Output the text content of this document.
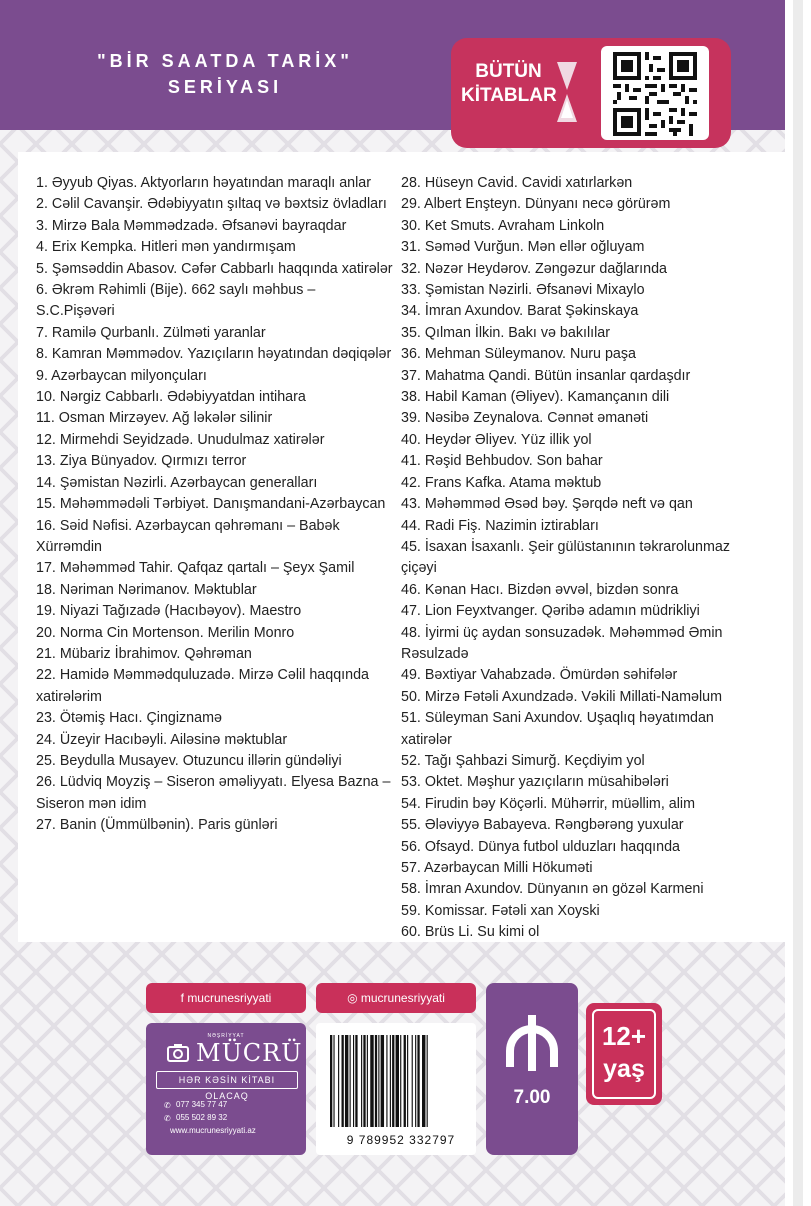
"BİR SAATDA TARİX"
SERİYASI
BÜTÜN
KİTABLAR

1. Əyyub Qiyas. Aktyorların həyatından maraqlı anlar

2. Cəlil Cavanşir. Ədəbiyyatın şıltaq və bəxtsiz övladları

3. Mirzə Bala Məmmədzadə. Əfsanəvi bayraqdar

4. Erix Kempka. Hitleri mən yandırmışam

5. Şəmsəddin Abasov. Cəfər Cabbarlı haqqında xatirələr

6. Əkrəm Rəhimli (Bije). 662 saylı məhbus – S.C.Pişəvəri

7. Ramilə Qurbanlı. Zülməti yaranlar

8. Kamran Məmmədov. Yazıçıların həyatından dəqiqələr

9. Azərbaycan milyonçuları

10. Nərgiz Cabbarlı. Ədəbiyyatdan intihara

11. Osman Mirzəyev. Ağ ləkələr silinir

12. Mirmehdi Seyidzadə. Unudulmaz xatirələr

13. Ziya Bünyadov. Qırmızı terror

14. Şəmistan Nəzirli. Azərbaycan generalları

15. Məhəmmədəli Tərbiyət. Danışmandani-Azərbaycan

16. Səid Nəfisi. Azərbaycan qəhrəmanı – Babək Xürrəmdin

17. Məhəmməd Tahir. Qafqaz qartalı – Şeyx Şamil

18. Nəriman Nərimanov. Məktublar

19. Niyazi Tağızadə (Hacıbəyov). Maestro

20. Norma Cin Mortenson. Merilin Monro

21. Mübariz İbrahimov. Qəhrəman

22. Hamidə Məmmədquluzadə. Mirzə Cəlil haqqında xatirələrim

23. Ötəmiş Hacı. Çingiznamə

24. Üzeyir Hacıbəyli. Ailəsinə məktublar

25. Beydulla Musayev. Otuzuncu illərin gündəliyi

26. Lüdviq Moyziş – Siseron əməliyyatı. Elyesa Bazna – Siseron mən idim

27. Banin (Ümmülbənin). Paris günləri

28. Hüseyn Cavid. Cavidi xatırlarkən

29. Albert Enşteyn. Dünyanı necə görürəm

30. Ket Smuts. Avraham Linkoln

31. Səməd Vurğun. Mən ellər oğluyam

32. Nəzər Heydərov. Zəngəzur dağlarında

33. Şəmistan Nəzirli. Əfsanəvi Mixaylo

34. İmran Axundov. Barat Şəkinskaya

35. Qılman İlkin. Bakı və bakılılar

36. Mehman Süleymanov. Nuru paşa

37. Mahatma Qandi. Bütün insanlar qardaşdır

38. Habil Kaman (Əliyev). Kamançanın dili

39. Nəsibə Zeynalova. Cənnət əmanəti

40. Heydər Əliyev. Yüz illik yol

41. Rəşid Behbudov. Son bahar

42. Frans Kafka. Atama məktub

43. Məhəmməd Əsəd bəy. Şərqdə neft və qan

44. Radi Fiş. Nazimin iztirabları

45. İsaxan İsaxanlı. Şeir gülüstanının təkrarolunmaz çiçəyi

46. Kənan Hacı. Bizdən əvvəl, bizdən sonra

47. Lion Feyxtvanger. Qəribə adamın müdrikliyi

48. İyirmi üç aydan sonsuzadək. Məhəmməd Əmin Rəsulzadə

49. Bəxtiyar Vahabzadə. Ömürdən səhifələr

50. Mirzə Fətəli Axundzadə. Vəkili Millati-Naməlum

51. Süleyman Sani Axundov. Uşaqlıq həyatımdan xatirələr

52. Tağı Şahbazi Simurğ. Keçdiyim yol

53. Oktet. Məşhur yazıçıların müsahibələri

54. Firudin bəy Köçərli. Mühərrir, müəllim, alim

55. Ələviyyə Babayeva. Rəngbərəng yuxular

56. Ofsayd. Dünya futbol ulduzları haqqında

57. Azərbaycan Milli Hökuməti

58. İmran Axundov. Dünyanın ən gözəl Karmeni

59. Komissar. Fətəli xan Xoyski

60. Brüs Li. Su kimi ol

f mucrunesriyyati	◎ mucrunesriyyati
NƏŞRİYYAT
MÜCRÜ
HƏR KƏSİN KİTABI OLACAQ
✆ 077 345 77 47
✆ 055 502 89 32
www.mucrunesriyyati.az
9 789952 332797
7.00
12+
yaş
